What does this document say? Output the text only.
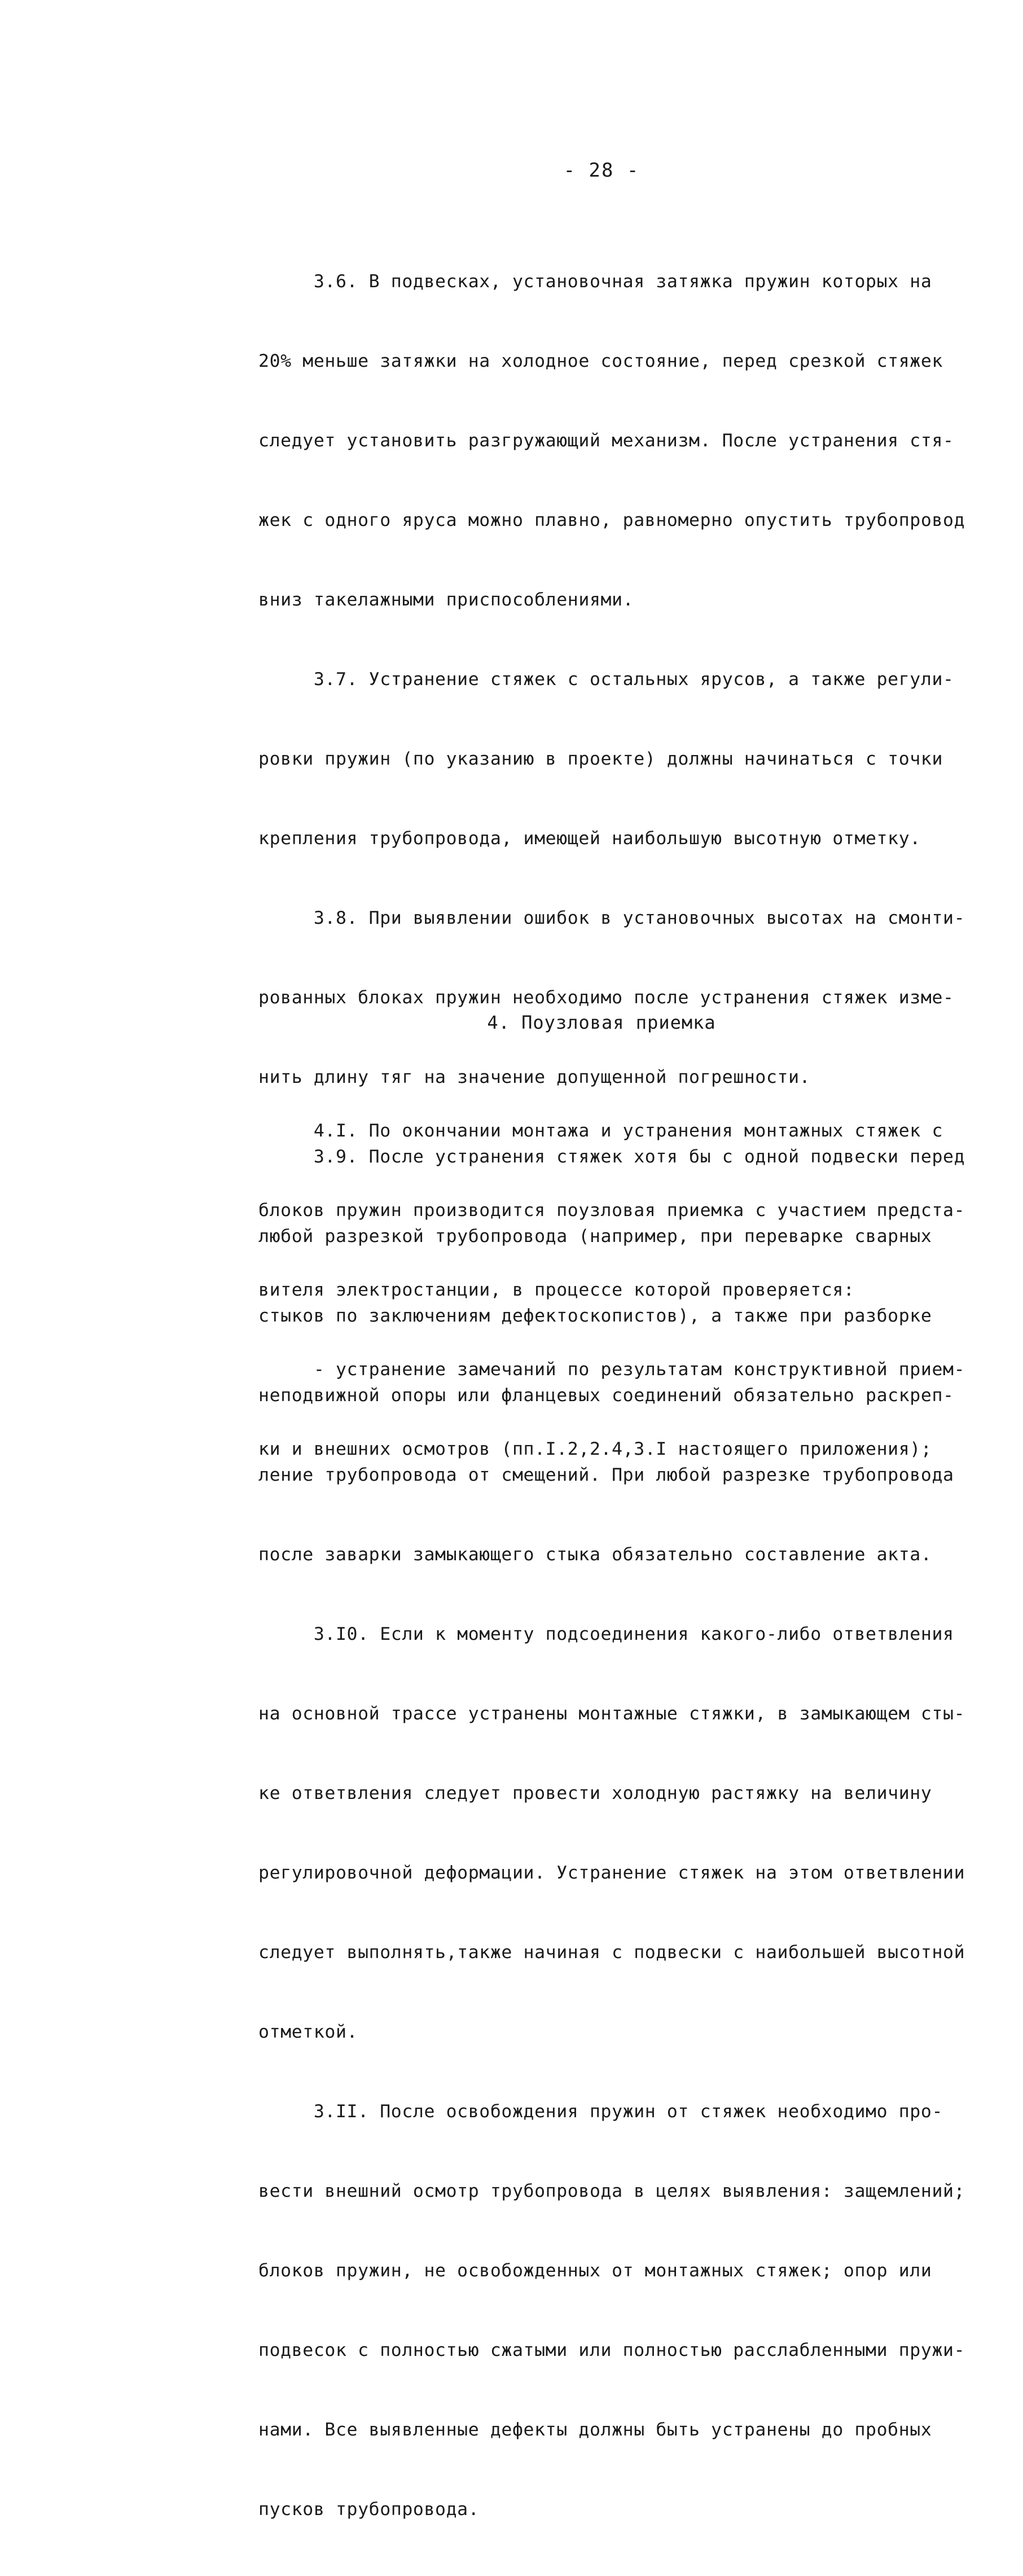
- 28 -

3.6. В подвесках, установочная затяжка пружин которых на

20% меньше затяжки на холодное состояние, перед срезкой стяжек

следует установить разгружающий механизм. После устранения стя-

жек с одного яруса можно плавно, равномерно опустить трубопровод

вниз такелажными приспособлениями.

3.7. Устранение стяжек с остальных ярусов, а также регули-

ровки пружин (по указанию в проекте) должны начинаться с точки

крепления трубопровода, имеющей наибольшую высотную отметку.

3.8. При выявлении ошибок в установочных высотах на смонти-

рованных блоках пружин необходимо после устранения стяжек изме-

нить длину тяг на значение допущенной погрешности.

3.9. После устранения стяжек хотя бы с одной подвески перед

любой разрезкой трубопровода (например, при переварке сварных

стыков по заключениям дефектоскопистов), а также при разборке

неподвижной опоры или фланцевых соединений обязательно раскреп-

ление трубопровода от смещений. При любой разрезке трубопровода

после заварки замыкающего стыка обязательно составление акта.

3.I0. Если к моменту подсоединения какого-либо ответвления

на основной трассе устранены монтажные стяжки, в замыкающем сты-

ке ответвления следует провести холодную растяжку на величину

регулировочной деформации. Устранение стяжек на этом ответвлении

следует выполнять,также начиная с подвески с наибольшей высотной

отметкой.

3.II. После освобождения пружин от стяжек необходимо про-

вести внешний осмотр трубопровода в целях выявления: защемлений;

блоков пружин, не освобожденных от монтажных стяжек; опор или

подвесок с полностью сжатыми или полностью расслабленными пружи-

нами. Все выявленные дефекты должны быть устранены до пробных

пусков трубопровода.

4. Поузловая приемка

4.I. По окончании монтажа и устранения монтажных стяжек с

блоков пружин производится поузловая приемка с участием предста-

вителя электростанции, в процессе которой проверяется:

- устранение замечаний по результатам конструктивной прием-

ки и внешних осмотров (пп.I.2,2.4,3.I настоящего приложения);
